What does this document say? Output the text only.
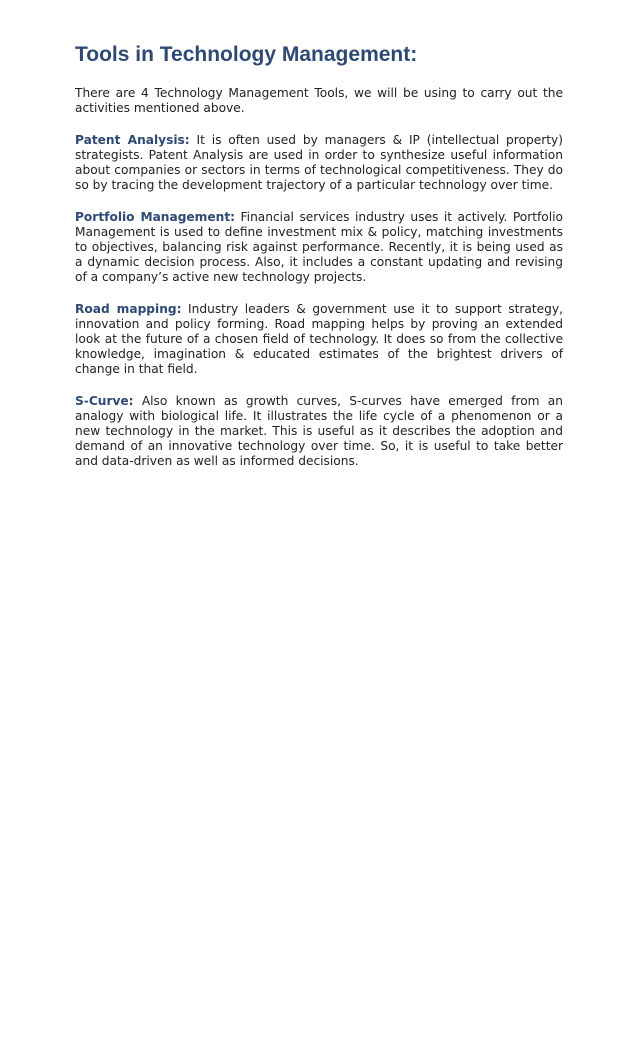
Tools in Technology Management:

There are 4 Technology Management Tools, we will be using to carry out the activities mentioned above.

Patent Analysis: It is often used by managers & IP (intellectual property) strategists. Patent Analysis are used in order to synthesize useful information about companies or sectors in terms of technological competitiveness. They do so by tracing the development trajectory of a particular technology over time.

Portfolio Management: Financial services industry uses it actively. Portfolio Management is used to define investment mix & policy, matching investments to objectives, balancing risk against performance. Recently, it is being used as a dynamic decision process. Also, it includes a constant updating and revising of a company’s active new technology projects.

Road mapping: Industry leaders & government use it to support strategy, innovation and policy forming. Road mapping helps by proving an extended look at the future of a chosen field of technology. It does so from the collective knowledge, imagination & educated estimates of the brightest drivers of change in that field.

S-Curve: Also known as growth curves, S-curves have emerged from an analogy with biological life. It illustrates the life cycle of a phenomenon or a new technology in the market. This is useful as it describes the adoption and demand of an innovative technology over time. So, it is useful to take better and data-driven as well as informed decisions.
